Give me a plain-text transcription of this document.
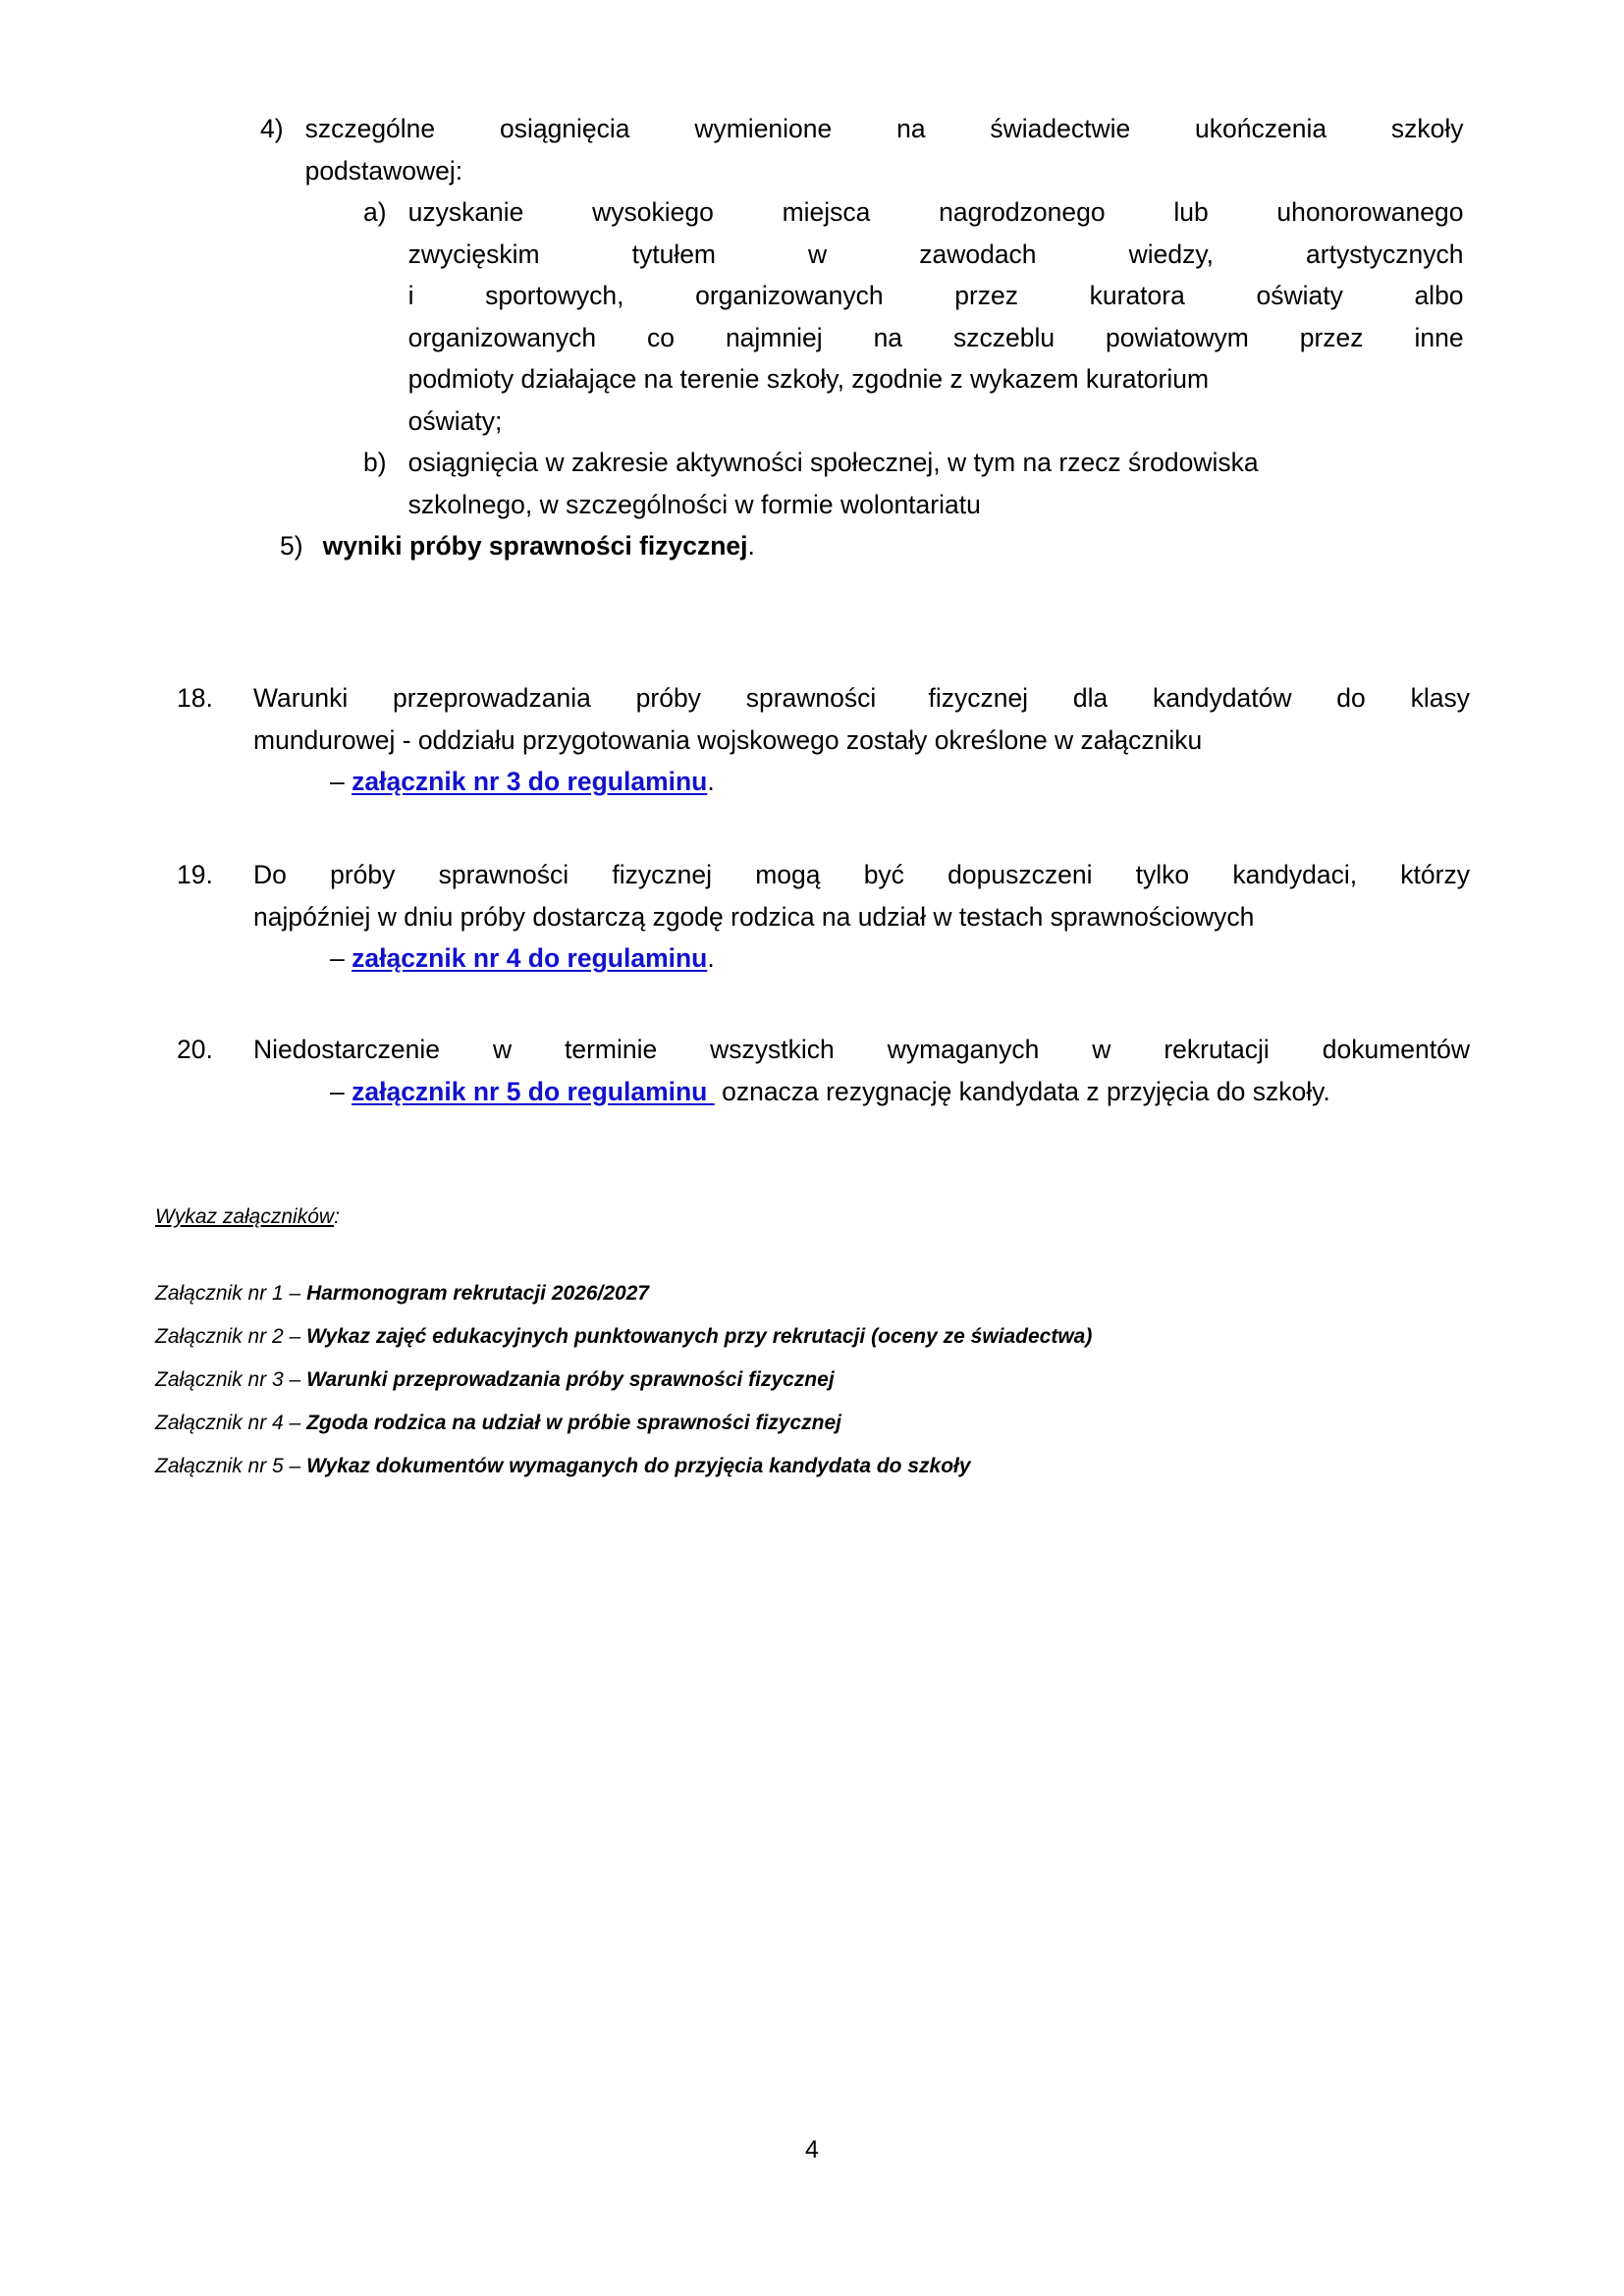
4) szczególne osiągnięcia wymienione na świadectwie ukończenia szkoły
podstawowej:
a) uzyskanie	wysokiego	miejsca	nagrodzonego	lub	uhonorowanego
zwycięskim	tytułem	w	zawodach	wiedzy,	artystycznych
i	sportowych,	organizowanych	przez	kuratora	oświaty	albo
organizowanych co najmniej na szczeblu powiatowym przez inne
podmioty działające na terenie szkoły, zgodnie z wykazem kuratorium
oświaty;
b) osiągnięcia w zakresie aktywności społecznej, w tym na rzecz środowiska
szkolnego, w szczególności w formie wolontariatu
5) wyniki próby sprawności fizycznej.
18.	Warunki przeprowadzania próby sprawności fizycznej dla kandydatów do klasy
mundurowej - oddziału przygotowania wojskowego zostały określone w załączniku
– załącznik nr 3 do regulaminu .
19.	Do próby sprawności fizycznej mogą być dopuszczeni tylko kandydaci, którzy
najpóźniej w dniu próby dostarczą zgodę rodzica na udział w testach sprawnościowych
– załącznik nr 4 do regulaminu .
20.	Niedostarczenie w terminie wszystkich wymaganych w rekrutacji dokumentów
– załącznik nr 5 do regulaminu oznacza rezygnację kandydata z przyjęcia do szkoły.
Wykaz załączników:
Załącznik nr 1 – Harmonogram rekrutacji 2026/2027
Załącznik nr 2 – Wykaz zajęć edukacyjnych punktowanych przy rekrutacji (oceny ze świadectwa)
Załącznik nr 3 – Warunki przeprowadzania próby sprawności fizycznej
Załącznik nr 4 – Zgoda rodzica na udział w próbie sprawności fizycznej
Załącznik nr 5 – Wykaz dokumentów wymaganych do przyjęcia kandydata do szkoły
4
